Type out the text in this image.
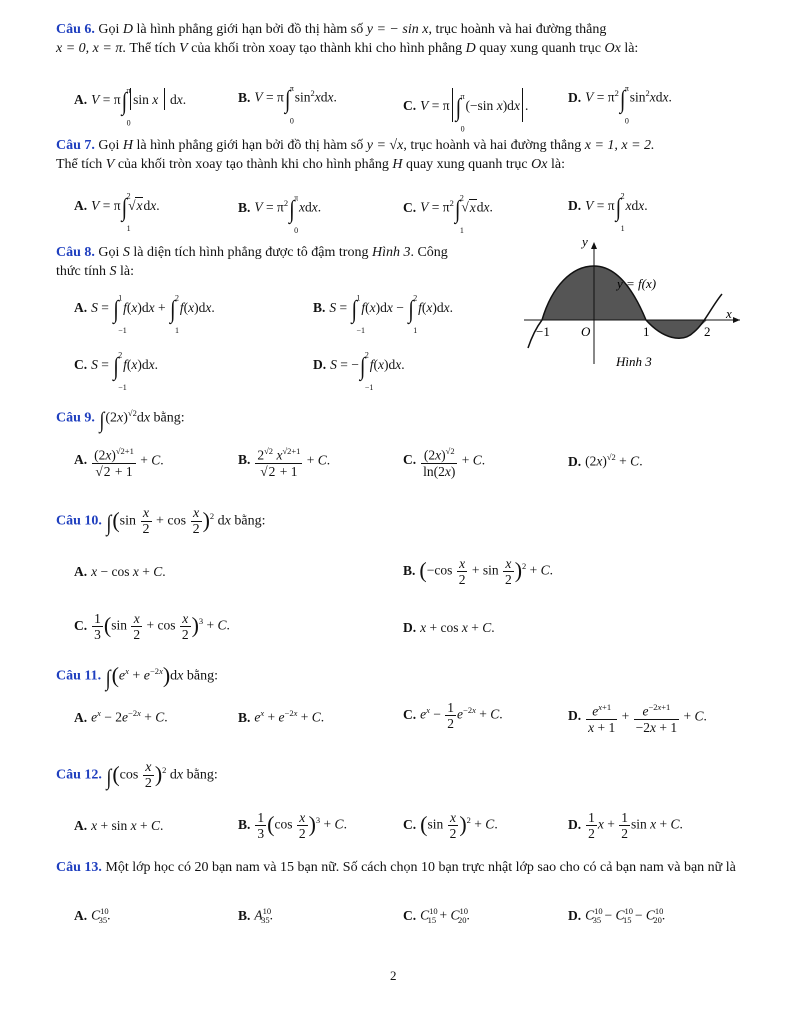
Câu 6. Gọi D là hình phẳng giới hạn bởi đồ thị hàm số y = − sin x, trục hoành và hai đường thẳng
x = 0, x = π. Thể tích V của khối tròn xoay tạo thành khi cho hình phẳng D quay xung quanh trục Ox là:
A. V = π∫ π
0
sin x  dx.	B. V = π∫ π
0
$\sin^2xdx$.
C. V = π ∫ π
0
(−sin x)dx .
D. $V = \pi^2\int$ π
0
$\sin^2xdx$.
Câu 7. Gọi H là hình phẳng giới hạn bởi đồ thị hàm số y = √x, trục hoành và hai đường thẳng x = 1, x = 2.
Thể tích V của khối tròn xoay tạo thành khi cho hình phẳng H quay xung quanh trục Ox là:
A. V = π∫ 2
1
√xdx.	B. $V = \pi^2\int$ π
0
xdx.	C. $V = \pi^2\int$ 2
1
√xdx.	D. V = π∫ 2
1
xdx.
Câu 8. Gọi S là diện tích hình phẳng được tô đậm trong Hình 3. Công
thức tính S là:
A. S = ∫ 1
−1
f(x)dx + ∫ 2
1
f(x)dx.	B. S = ∫ 1
−1
f(x)dx − ∫ 2
1
f(x)dx.
C. S = ∫ 2
−1
f(x)dx.	D. S = −∫ 2
−1
f(x)dx.
y
x
y = f(x)
−1 O	1	2
Hình 3
Câu 9. $\int(2x)^{√2}dx$ bằng:
A. $\frac{(2x)^{√2+1}}{√2 + 1} + C$.	B. $\frac{2^{√2} x^{√2+1}}{√2 + 1} + C$.	C. $\frac{(2x)^{√2}}{\ln(2x)} + C$.	D. $(2x)^{√2} + C$.
Câu 10. $\int(\sin \frac{x}{2} + \cos \frac{x}{2} )^2$ dx bằng:
A. x − cos x + C.	B. $(-\cos \frac{x}{2} + \sin \frac{x}{2} )^2 + C$.
C. $\frac{1}{3} (\sin \frac{x}{2} + \cos \frac{x}{2} )^3 + C$.	D. x + cos x + C.
Câu 11. $\int(e^x + e^{-2x})dx$ bằng:
A. $e^x - 2e^{-2x} + C$.	B. $e^x + e^{-2x} + C$.	C. $e^x - \frac{1}{2} e^{-2x} + C$.	D. $\frac{e^{x+1}}{x + 1} + \frac{e^{-2x+1}}{-2x + 1} + C$.
Câu 12. $\int(\cos \frac{x}{2} )^2$ dx bằng:
A. x + sin x + C.	B. $\frac{1}{3} (\cos \frac{x}{2} )^3 + C$.	C. $(\sin \frac{x}{2} )^2 + C$.	D. $\frac{1}{2}$ $x + \frac{1}{2}$ sin x + C.
Câu 13. Một lớp học có 20 bạn nam và 15 bạn nữ. Số cách chọn 10 bạn trực nhật lớp sao cho có cả bạn nam và bạn nữ là
A. $C^{10}_{35}$.	B. $A^{10}_{35}$.	C. $C^{10}_{15} + C^{10}_{20}$.	D. $C^{10}_{35} - C^{10}_{15} - C^{10}_{20}$.
2
